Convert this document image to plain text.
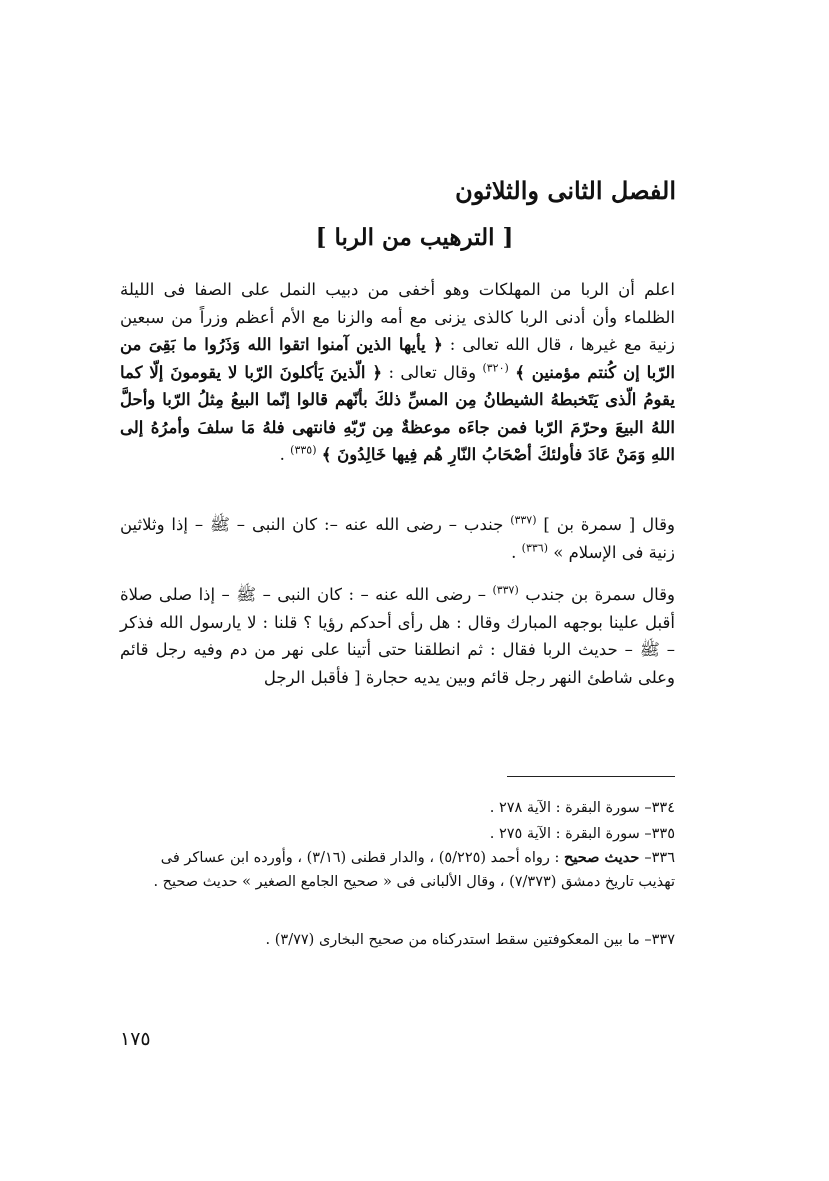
الفصل الثانى والثلاثون
[ الترهيب من الربا ]

اعلم أن الربا من المهلكات وهو أخفى من دبيب النمل على الصفا فى الليلة الظلماء وأن أدنى الربا كالذى يزنى مع أمه والزنا مع الأم أعظم وزراً من سبعين زنية مع غيرها ، قال الله تعالى : ﴿ يأيها الذين آمنوا اتقوا الله وَذَرُوا ما بَقِىَ من الرّبا إن كُنتم مؤمنين ﴾ $^{(٣٢٠)}$ وقال تعالى : ﴿ الّذينَ يَأكلونَ الرّبا لا يقومونَ إلّا كما يقومُ الّذى يَتَخبطهُ الشيطانُ مِن المسِّ ذلكَ بأنّهم قالوا إنّما البيعُ مِثلُ الرّبا وأحلَّ اللهُ البيعَ وحرّمَ الرّبا فمن جاءَه موعظةٌ مِن رّبّهِ فانتهى فلهُ مَا سلفَ وأمرُهُ إلى اللهِ وَمَنْ عَادَ فأولئكَ أصْحَابُ النّارِ هُم فِيها خَالِدُونَ ﴾ $^{(٣٣٥)}$ .

وقال [ سمرة بن ] $^{(٣٣٧)}$ جندب – رضى الله عنه –: كان النبى – ﷺ – إذا وثلاثين زنية فى الإسلام » $^{(٣٣٦)}$ .

وقال سمرة بن جندب $^{(٣٣٧)}$ – رضى الله عنه – : كان النبى – ﷺ – إذا صلى صلاة أقبل علينا بوجهه المبارك وقال : هل رأى أحدكم رؤيا ؟ قلنا : لا يارسول الله فذكر – ﷺ – حديث الربا فقال : ثم انطلقنا حتى أتينا على نهر من دم وفيه رجل قائم وعلى شاطئ النهر رجل قائم وبين يديه حجارة [ فأقبل الرجل

٣٣٤– سورة البقرة : الآية ٢٧٨ .

٣٣٥– سورة البقرة : الآية ٢٧٥ .

٣٣٦– حديث صحيح : رواه أحمد (٥/٢٢٥) ، والدار قطنى (٣/١٦) ، وأورده ابن عساكر فى تهذيب تاريخ دمشق (٧/٣٧٣) ، وقال الألبانى فى « صحيح الجامع الصغير » حديث صحيح .

٣٣٧– ما بين المعكوفتين سقط استدركناه من صحيح البخارى (٣/٧٧) .

١٧٥
